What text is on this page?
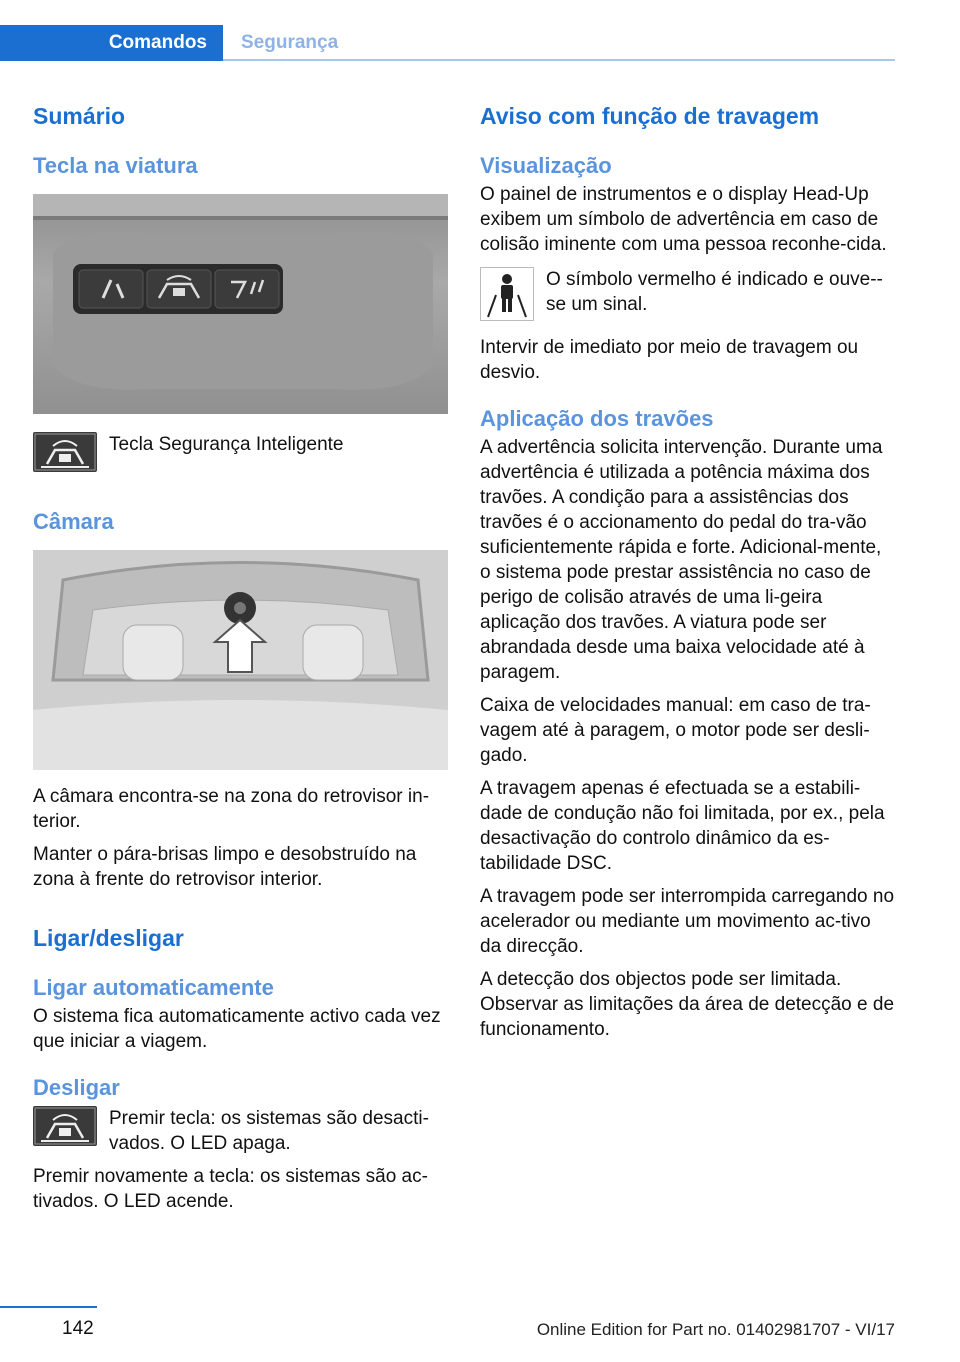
Comandos	Segurança
Sumário
Tecla na viatura

Tecla Segurança Inteligente

Câmara

A câmara encontra-se na zona do retrovisor in-terior.

Manter o pára-brisas limpo e desobstruído na zona à frente do retrovisor interior.

Ligar/desligar
Ligar automaticamente

O sistema fica automaticamente activo cada vez que iniciar a viagem.

Desligar

Premir tecla: os sistemas são desacti-vados. O LED apaga.

Premir novamente a tecla: os sistemas são ac-tivados. O LED acende.

Aviso com função de travagem
Visualização

O painel de instrumentos e o display Head-Up exibem um símbolo de advertência em caso de colisão iminente com uma pessoa reconhe-cida.

O símbolo vermelho é indicado e ouve--se um sinal.

Intervir de imediato por meio de travagem ou desvio.

Aplicação dos travões

A advertência solicita intervenção. Durante uma advertência é utilizada a potência máxima dos travões. A condição para a assistências dos travões é o accionamento do pedal do tra-vão suficientemente rápida e forte. Adicional-mente, o sistema pode prestar assistência no caso de perigo de colisão através de uma li-geira aplicação dos travões. A viatura pode ser abrandada desde uma baixa velocidade até à paragem.

Caixa de velocidades manual: em caso de tra-vagem até à paragem, o motor pode ser desli-gado.

A travagem apenas é efectuada se a estabili-dade de condução não foi limitada, por ex., pela desactivação do controlo dinâmico da es-tabilidade DSC.

A travagem pode ser interrompida carregando no acelerador ou mediante um movimento ac-tivo da direcção.

A detecção dos objectos pode ser limitada. Observar as limitações da área de detecção e de funcionamento.

142	Online Edition for Part no. 01402981707 - VI/17
